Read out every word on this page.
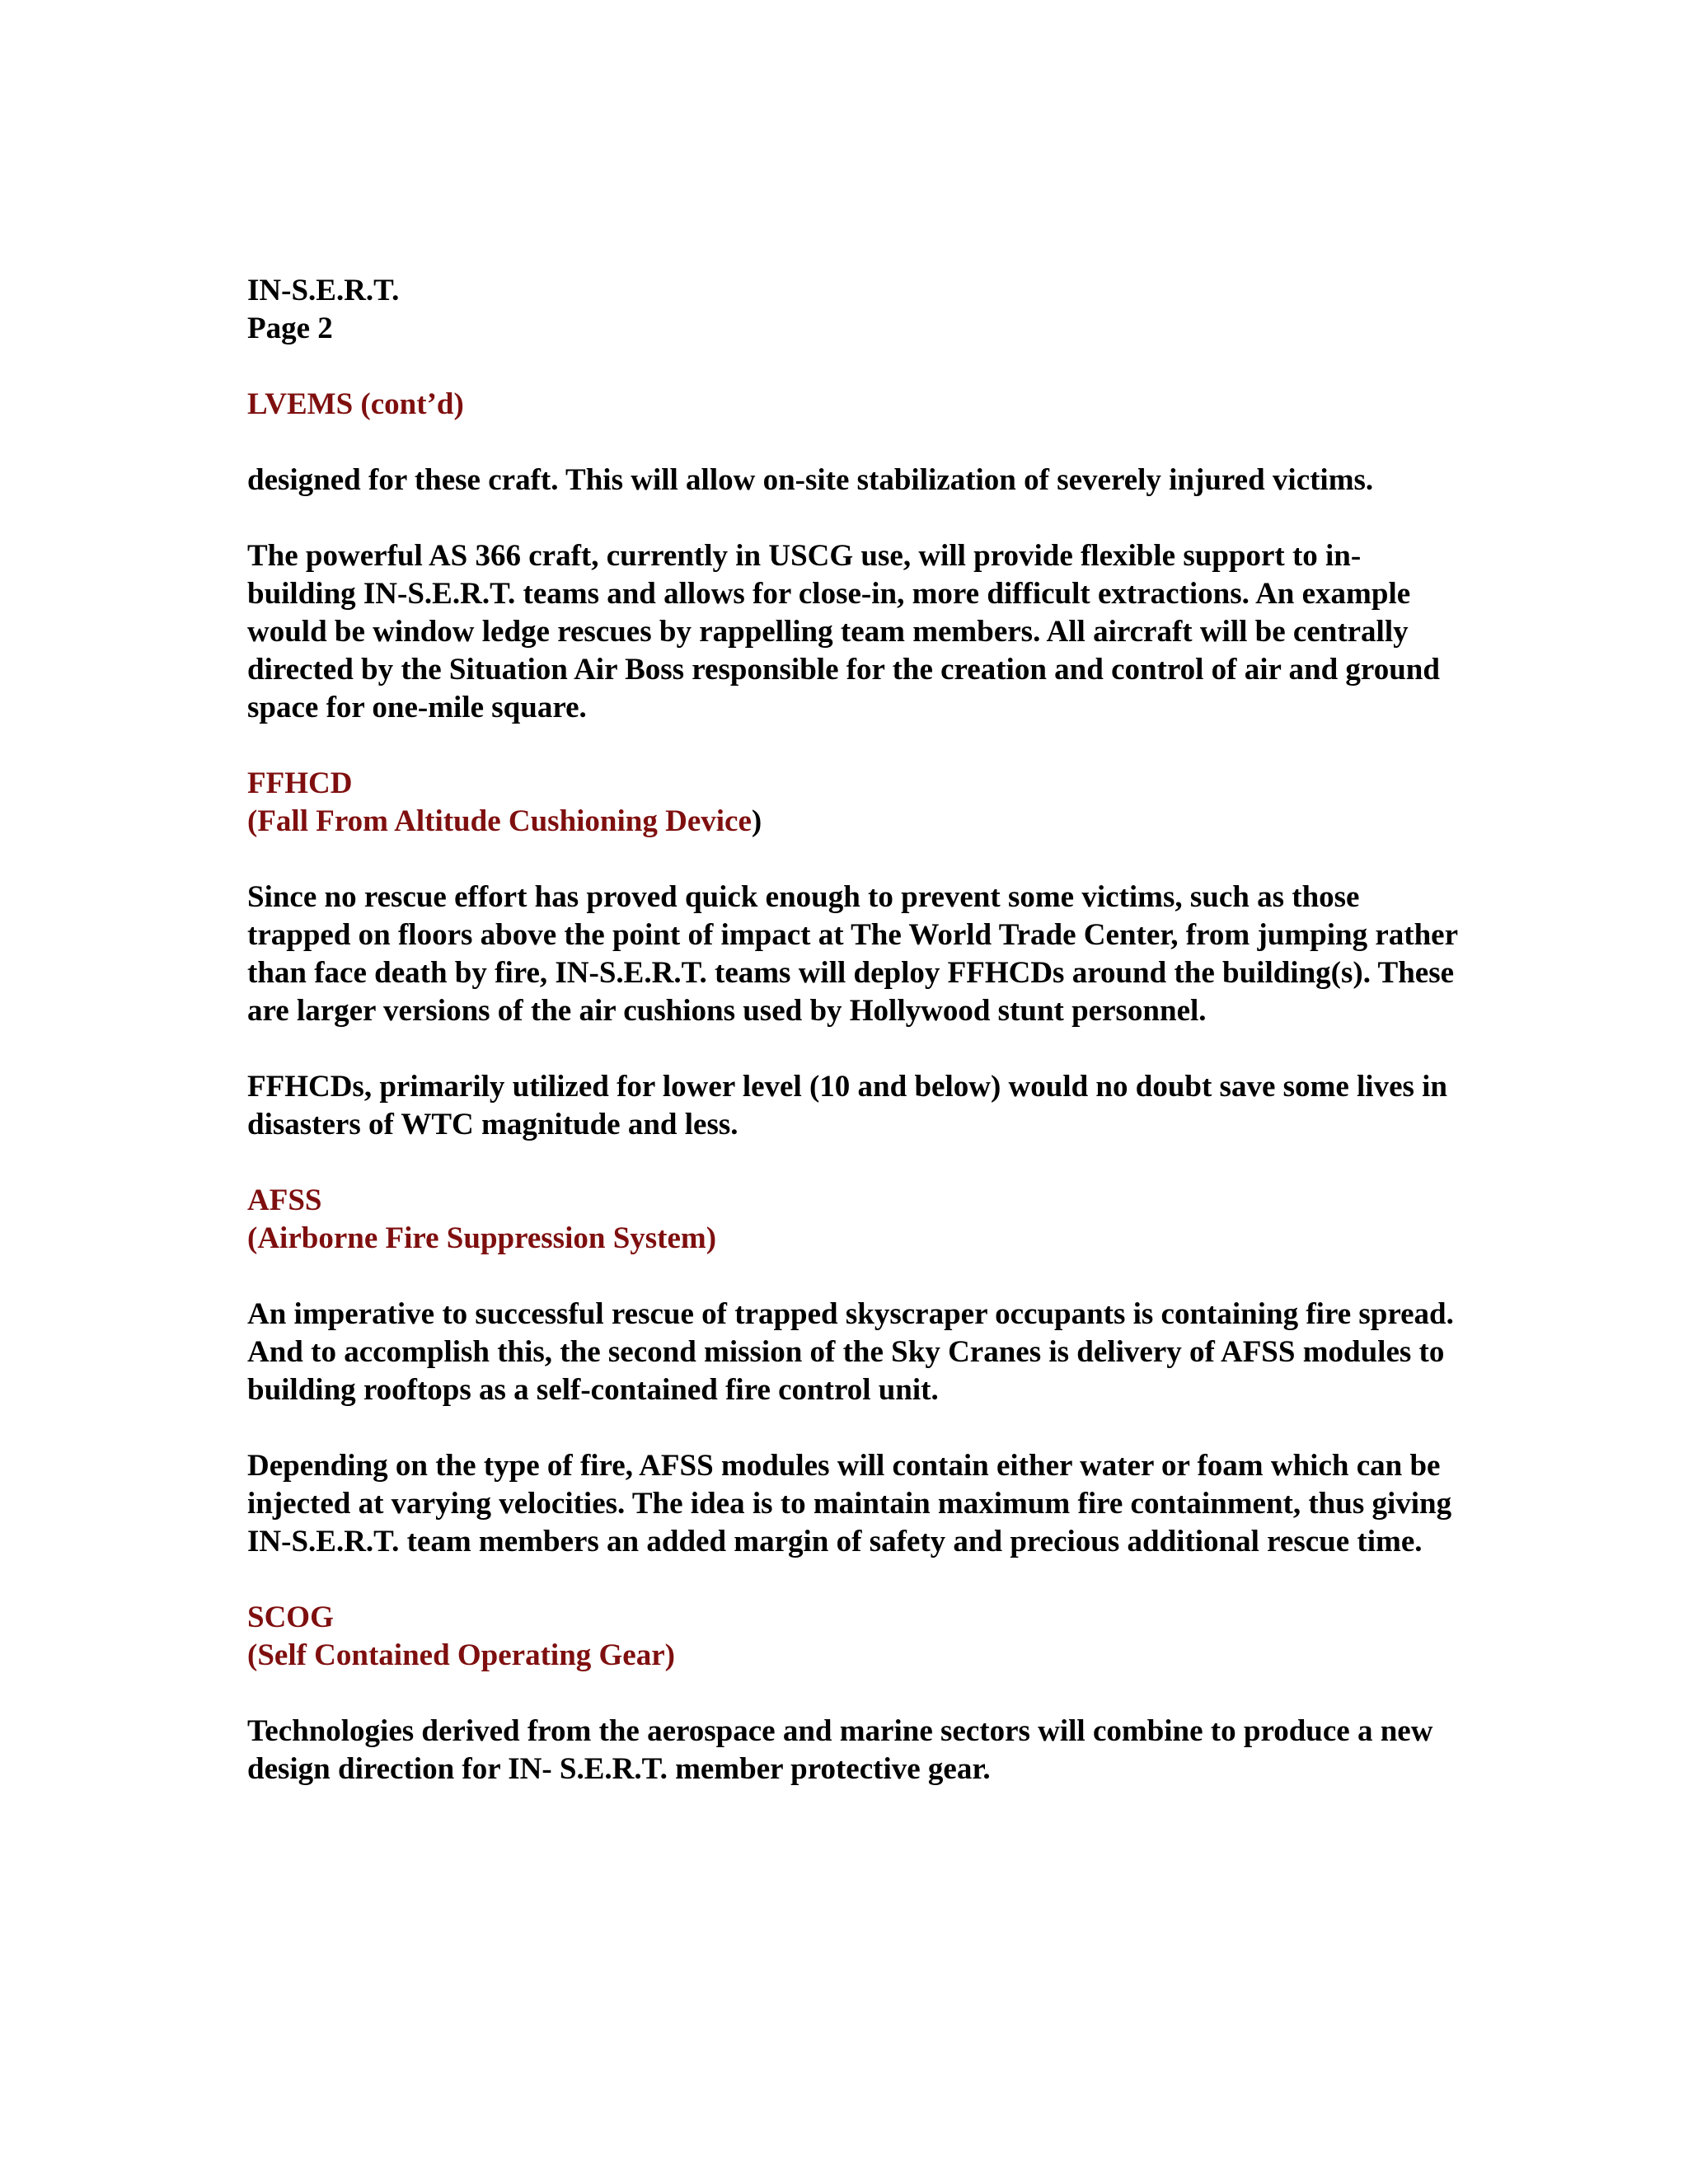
IN-S.E.R.T.
Page 2
LVEMS (cont’d)

designed for these craft. This will allow on-site stabilization of severely injured victims.

The powerful AS 366 craft, currently in USCG use, will provide flexible support to in-building IN-S.E.R.T. teams and allows for close-in, more difficult extractions. An example would be window ledge rescues by rappelling team members. All aircraft will be centrally directed by the Situation Air Boss responsible for the creation and control of air and ground space for one-mile square.

FFHCD
(Fall From Altitude Cushioning Device)

Since no rescue effort has proved quick enough to prevent some victims, such as those trapped on floors above the point of impact at The World Trade Center, from jumping rather than face death by fire, IN-S.E.R.T. teams will deploy FFHCDs around the building(s). These are larger versions of the air cushions used by Hollywood stunt personnel.

FFHCDs, primarily utilized for lower level (10 and below) would no doubt save some lives in disasters of WTC magnitude and less.

AFSS
(Airborne Fire Suppression System)

An imperative to successful rescue of trapped skyscraper occupants is containing fire spread. And to accomplish this, the second mission of the Sky Cranes is delivery of AFSS modules to building rooftops as a self-contained fire control unit.

Depending on the type of fire, AFSS modules will contain either water or foam which can be injected at varying velocities. The idea is to maintain maximum fire containment, thus giving IN-S.E.R.T. team members an added margin of safety and precious additional rescue time.

SCOG
(Self Contained Operating Gear)

Technologies derived from the aerospace and marine sectors will combine to produce a new design direction for IN- S.E.R.T. member protective gear.
